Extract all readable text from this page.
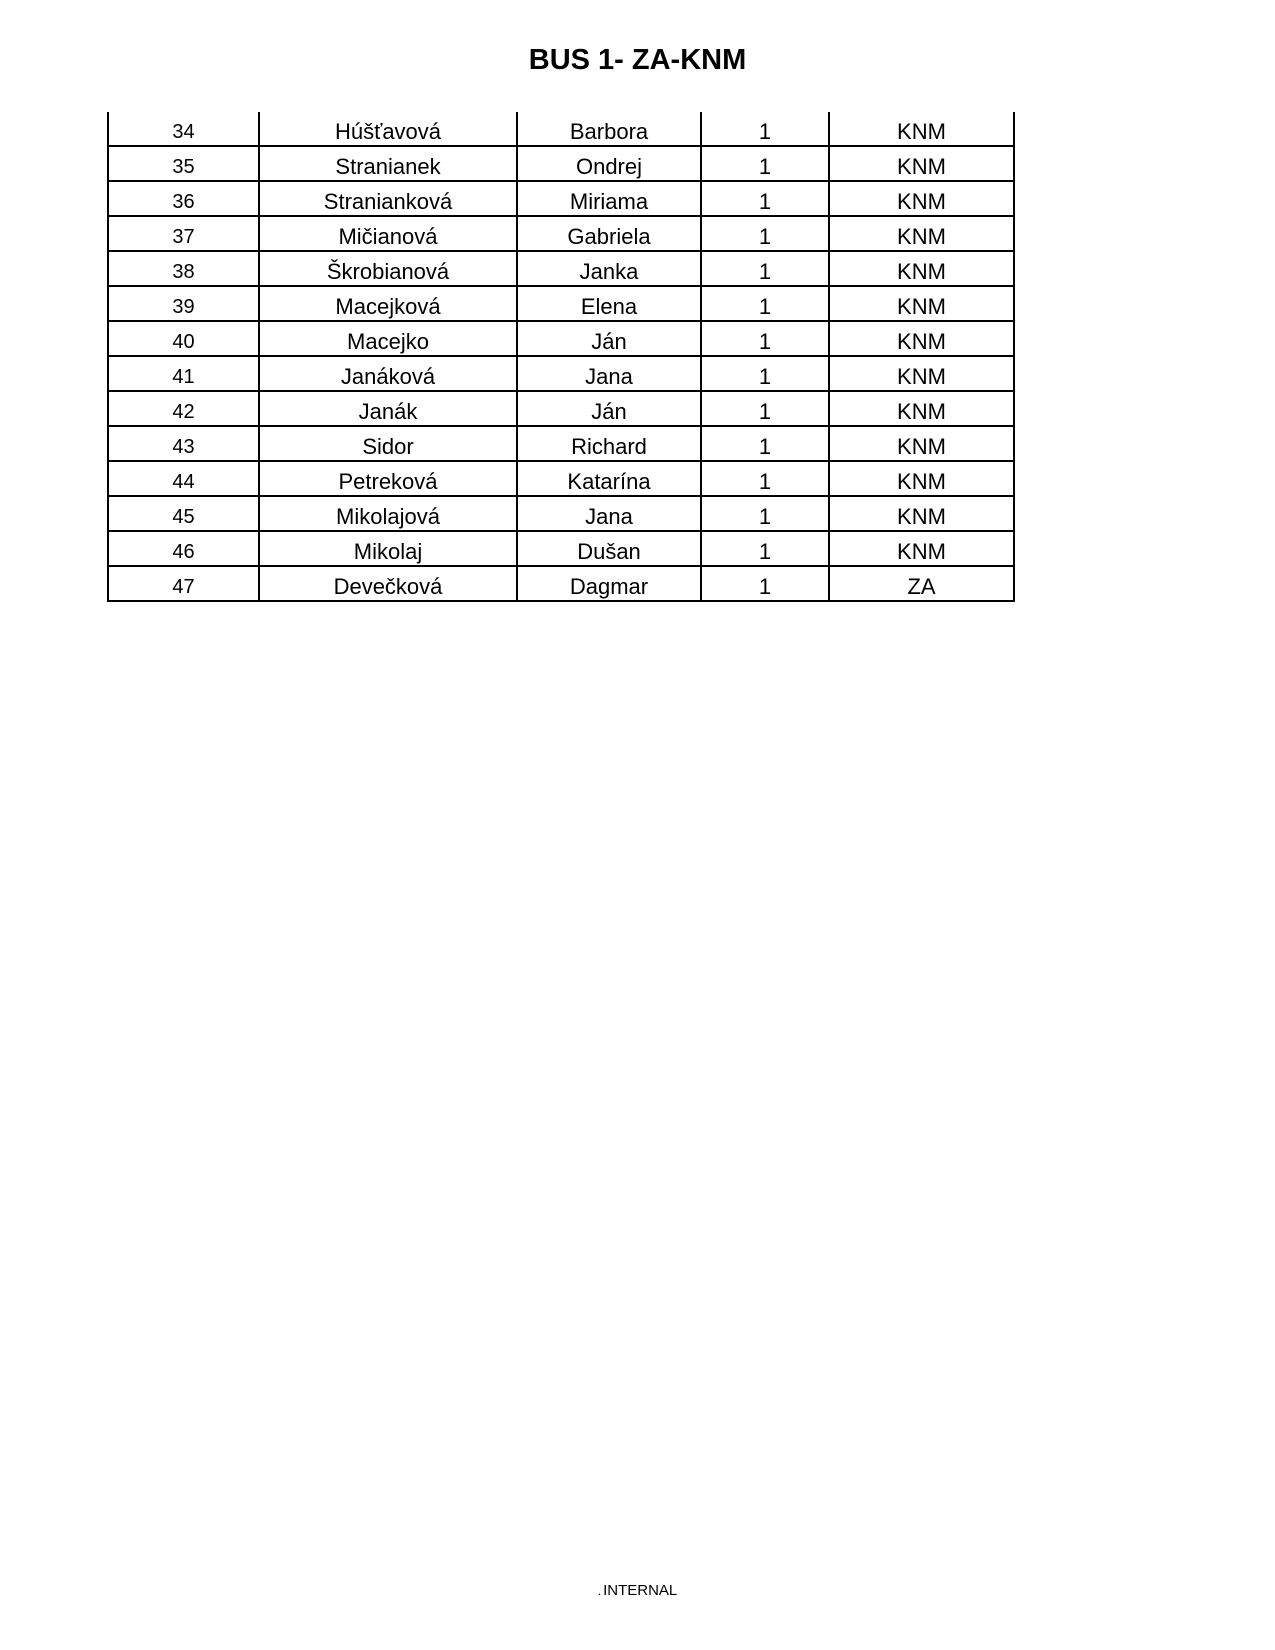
BUS 1- ZA-KNM
34	Húšťavová	Barbora	1	KNM
35	Stranianek	Ondrej	1	KNM
36	Stranianková	Miriama	1	KNM
37	Mičianová	Gabriela	1	KNM
38	Škrobianová	Janka	1	KNM
39	Macejková	Elena	1	KNM
40	Macejko	Ján	1	KNM
41	Janáková	Jana	1	KNM
42	Janák	Ján	1	KNM
43	Sidor	Richard	1	KNM
44	Petreková	Katarína	1	KNM
45	Mikolajová	Jana	1	KNM
46	Mikolaj	Dušan	1	KNM
47	Devečková	Dagmar	1	ZA
. INTERNAL
